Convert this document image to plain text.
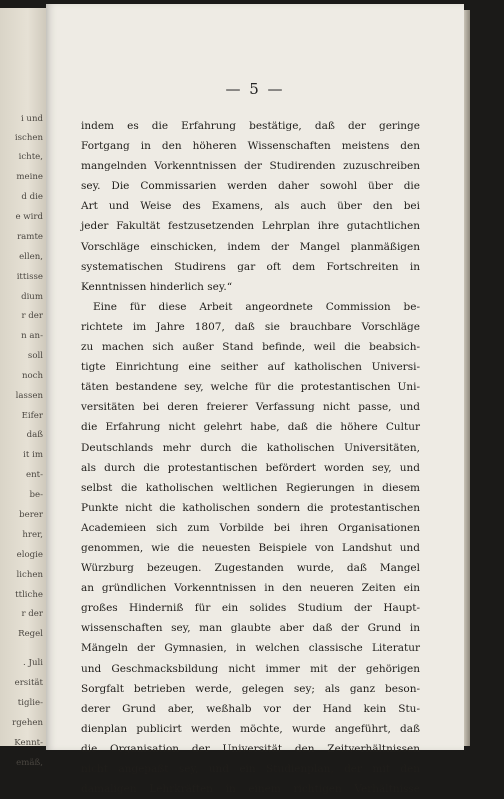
i und
ischen
ichte,
meine
d die
e wird
ramte
ellen,
ittisse
dium
r der
n an-
soll
noch
lassen
Eifer
daß
it im
ent-
be-
berer
hrer,
elogie
lichen
ttliche
r der
Regel
. Juli
ersität
tiglie-
rgehen
Kennt-
emäß,
— 5 —
indem es die Erfahrung bestätige, daß der geringe
Fortgang in den höheren Wissenschaften meistens den
mangelnden Vorkenntnissen der Studirenden zuzuschreiben
sey. Die Commissarien werden daher sowohl über die
Art und Weise des Examens, als auch über den bei
jeder Fakultät festzusetzenden Lehrplan ihre gutachtlichen
Vorschläge einschicken, indem der Mangel planmäßigen
systematischen Studirens gar oft dem Fortschreiten in
Kenntnissen hinderlich sey.“
Eine für diese Arbeit angeordnete Commission be-
richtete im Jahre 1807, daß sie brauchbare Vorschläge
zu machen sich außer Stand befinde, weil die beabsich-
tigte Einrichtung eine seither auf katholischen Universi-
täten bestandene sey, welche für die protestantischen Uni-
versitäten bei deren freierer Verfassung nicht passe, und
die Erfahrung nicht gelehrt habe, daß die höhere Cultur
Deutschlands mehr durch die katholischen Universitäten,
als durch die protestantischen befördert worden sey, und
selbst die katholischen weltlichen Regierungen in diesem
Punkte nicht die katholischen sondern die protestantischen
Academieen sich zum Vorbilde bei ihren Organisationen
genommen, wie die neuesten Beispiele von Landshut und
Würzburg bezeugen. Zugestanden wurde, daß Mangel
an gründlichen Vorkenntnissen in den neueren Zeiten ein
großes Hinderniß für ein solides Studium der Haupt-
wissenschaften sey, man glaubte aber daß der Grund in
Mängeln der Gymnasien, in welchen classische Literatur
und Geschmacksbildung nicht immer mit der gehörigen
Sorgfalt betrieben werde, gelegen sey; als ganz beson-
derer Grund aber, weßhalb vor der Hand kein Stu-
dienplan publicirt werden möchte, wurde angeführt, daß
die Organisation der Universität den Zeitverhältnissen
nicht angepaßt sey, und ein Studienplan, der mit den
damaligen Lehrkräften in einem richtigen Verhältnisse
